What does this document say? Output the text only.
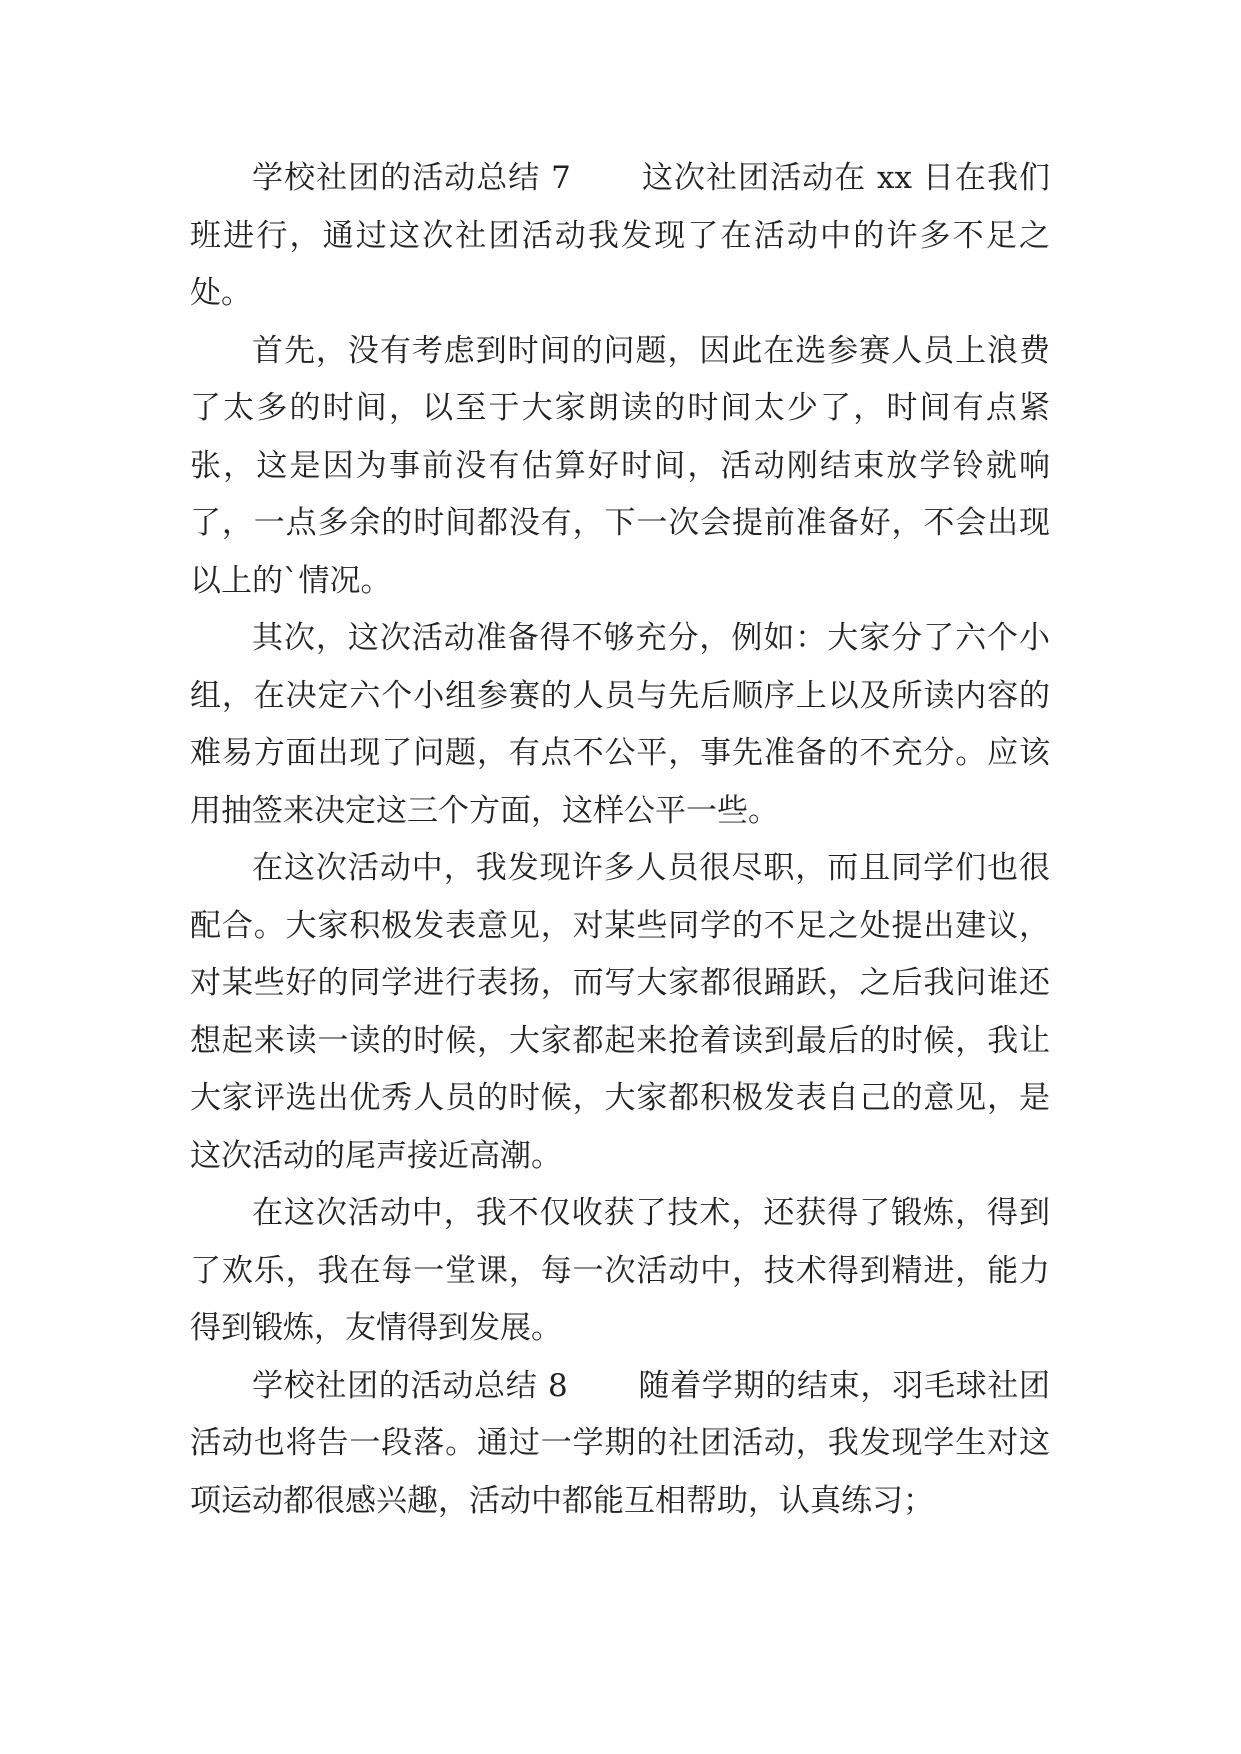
学校社团的活动总结 7 这次社团活动在 xx 日在我们班进行，通过这次社团活动我发现了在活动中的许多不足之处。

首先，没有考虑到时间的问题，因此在选参赛人员上浪费了太多的时间，以至于大家朗读的时间太少了，时间有点紧张，这是因为事前没有估算好时间，活动刚结束放学铃就响了，一点多余的时间都没有，下一次会提前准备好，不会出现以上的`情况。

其次，这次活动准备得不够充分，例如：大家分了六个小组，在决定六个小组参赛的人员与先后顺序上以及所读内容的难易方面出现了问题，有点不公平，事先准备的不充分。应该用抽签来决定这三个方面，这样公平一些。

在这次活动中，我发现许多人员很尽职，而且同学们也很配合。大家积极发表意见，对某些同学的不足之处提出建议，对某些好的同学进行表扬，而写大家都很踊跃，之后我问谁还想起来读一读的时候，大家都起来抢着读到最后的时候，我让大家评选出优秀人员的时候，大家都积极发表自己的意见，是这次活动的尾声接近高潮。

在这次活动中，我不仅收获了技术，还获得了锻炼，得到了欢乐，我在每一堂课，每一次活动中，技术得到精进，能力得到锻炼，友情得到发展。

学校社团的活动总结 8 随着学期的结束，羽毛球社团活动也将告一段落。通过一学期的社团活动，我发现学生对这项运动都很感兴趣，活动中都能互相帮助，认真练习；
